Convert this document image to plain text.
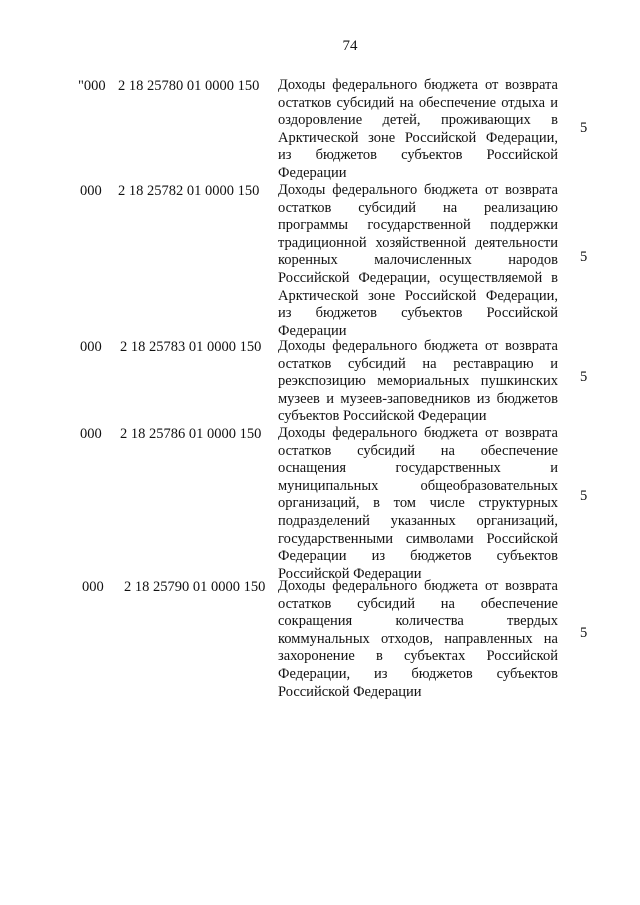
74
"000 2 18 25780 01 0000 150 Доходы федерального бюджета от возврата
остатков субсидий на обеспечение отдыха и
оздоровление детей, проживающих в
Арктической зоне Российской Федерации,
из бюджетов субъектов Российской
Федерации
5
000 2 18 25782 01 0000 150 Доходы федерального бюджета от возврата
остатков субсидий на реализацию
программы государственной поддержки
традиционной хозяйственной деятельности
коренных малочисленных народов
Российской Федерации, осуществляемой в
Арктической зоне Российской Федерации,
из бюджетов субъектов Российской
Федерации
5
000 2 18 25783 01 0000 150 Доходы федерального бюджета от возврата
остатков субсидий на реставрацию и
реэкспозицию мемориальных пушкинских
музеев и музеев-заповедников из бюджетов
субъектов Российской Федерации
5
000 2 18 25786 01 0000 150 Доходы федерального бюджета от возврата
остатков субсидий на обеспечение
оснащения государственных и
муниципальных общеобразовательных
организаций, в том числе структурных
подразделений указанных организаций,
государственными символами Российской
Федерации из бюджетов субъектов
Российской Федерации
5
000 2 18 25790 01 0000 150 Доходы федерального бюджета от возврата
остатков субсидий на обеспечение
сокращения количества твердых
коммунальных отходов, направленных на
захоронение в субъектах Российской
Федерации, из бюджетов субъектов
Российской Федерации
5
